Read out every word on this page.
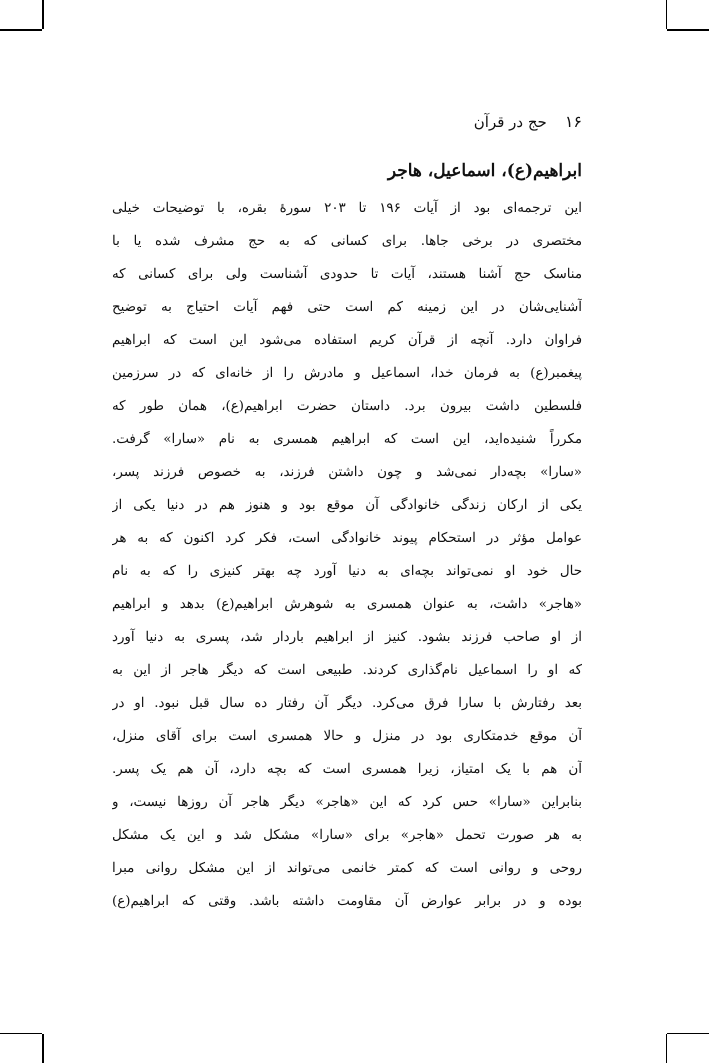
۱۶
حج در قرآن
ابراهیم(ع)، اسماعیل، هاجر
این ترجمه‌ای بود از آیات ۱۹۶ تا ۲۰۳ سورهٔ بقره، با توضیحات خیلی
مختصری در برخی جاها. برای کسانی که به حج مشرف شده یا با
مناسک حج آشنا هستند، آیات تا حدودی آشناست ولی برای کسانی که
آشنایی‌شان در این زمینه کم است حتی فهم آیات احتیاج به توضیح
فراوان دارد. آنچه از قرآن کریم استفاده می‌شود این است که ابراهیم
پیغمبر(ع) به فرمان خدا، اسماعیل و مادرش را از خانه‌ای که در سرزمین
فلسطین داشت بیرون برد. داستان حضرت ابراهیم(ع)، همان طور که
مکرراً شنیده‌اید، این است که ابراهیم همسری به نام «سارا» گرفت.
«سارا» بچه‌دار نمی‌شد و چون داشتن فرزند، به خصوص فرزند پسر،
یکی از ارکان زندگی خانوادگی آن موقع بود و هنوز هم در دنیا یکی از
عوامل مؤثر در استحکام پیوند خانوادگی است، فکر کرد اکنون که به هر
حال خود او نمی‌تواند بچه‌ای به دنیا آورد چه بهتر کنیزی را که به نام
«هاجر» داشت، به عنوان همسری به شوهرش ابراهیم(ع) بدهد و ابراهیم
از او صاحب فرزند بشود. کنیز از ابراهیم باردار شد، پسری به دنیا آورد
که او را اسماعیل نام‌گذاری کردند. طبیعی است که دیگر هاجر از این به
بعد رفتارش با سارا فرق می‌کرد. دیگر آن رفتار ده سال قبل نبود. او در
آن موقع خدمتکاری بود در منزل و حالا همسری است برای آقای منزل،
آن هم با یک امتیاز، زیرا همسری است که بچه دارد، آن هم یک پسر.
بنابراین «سارا» حس کرد که این «هاجر» دیگر هاجر آن روزها نیست، و
به هر صورت تحمل «هاجر» برای «سارا» مشکل شد و این یک مشکل
روحی و روانی است که کمتر خانمی می‌تواند از این مشکل روانی مبرا
بوده و در برابر عوارض آن مقاومت داشته باشد. وقتی که ابراهیم(ع)
